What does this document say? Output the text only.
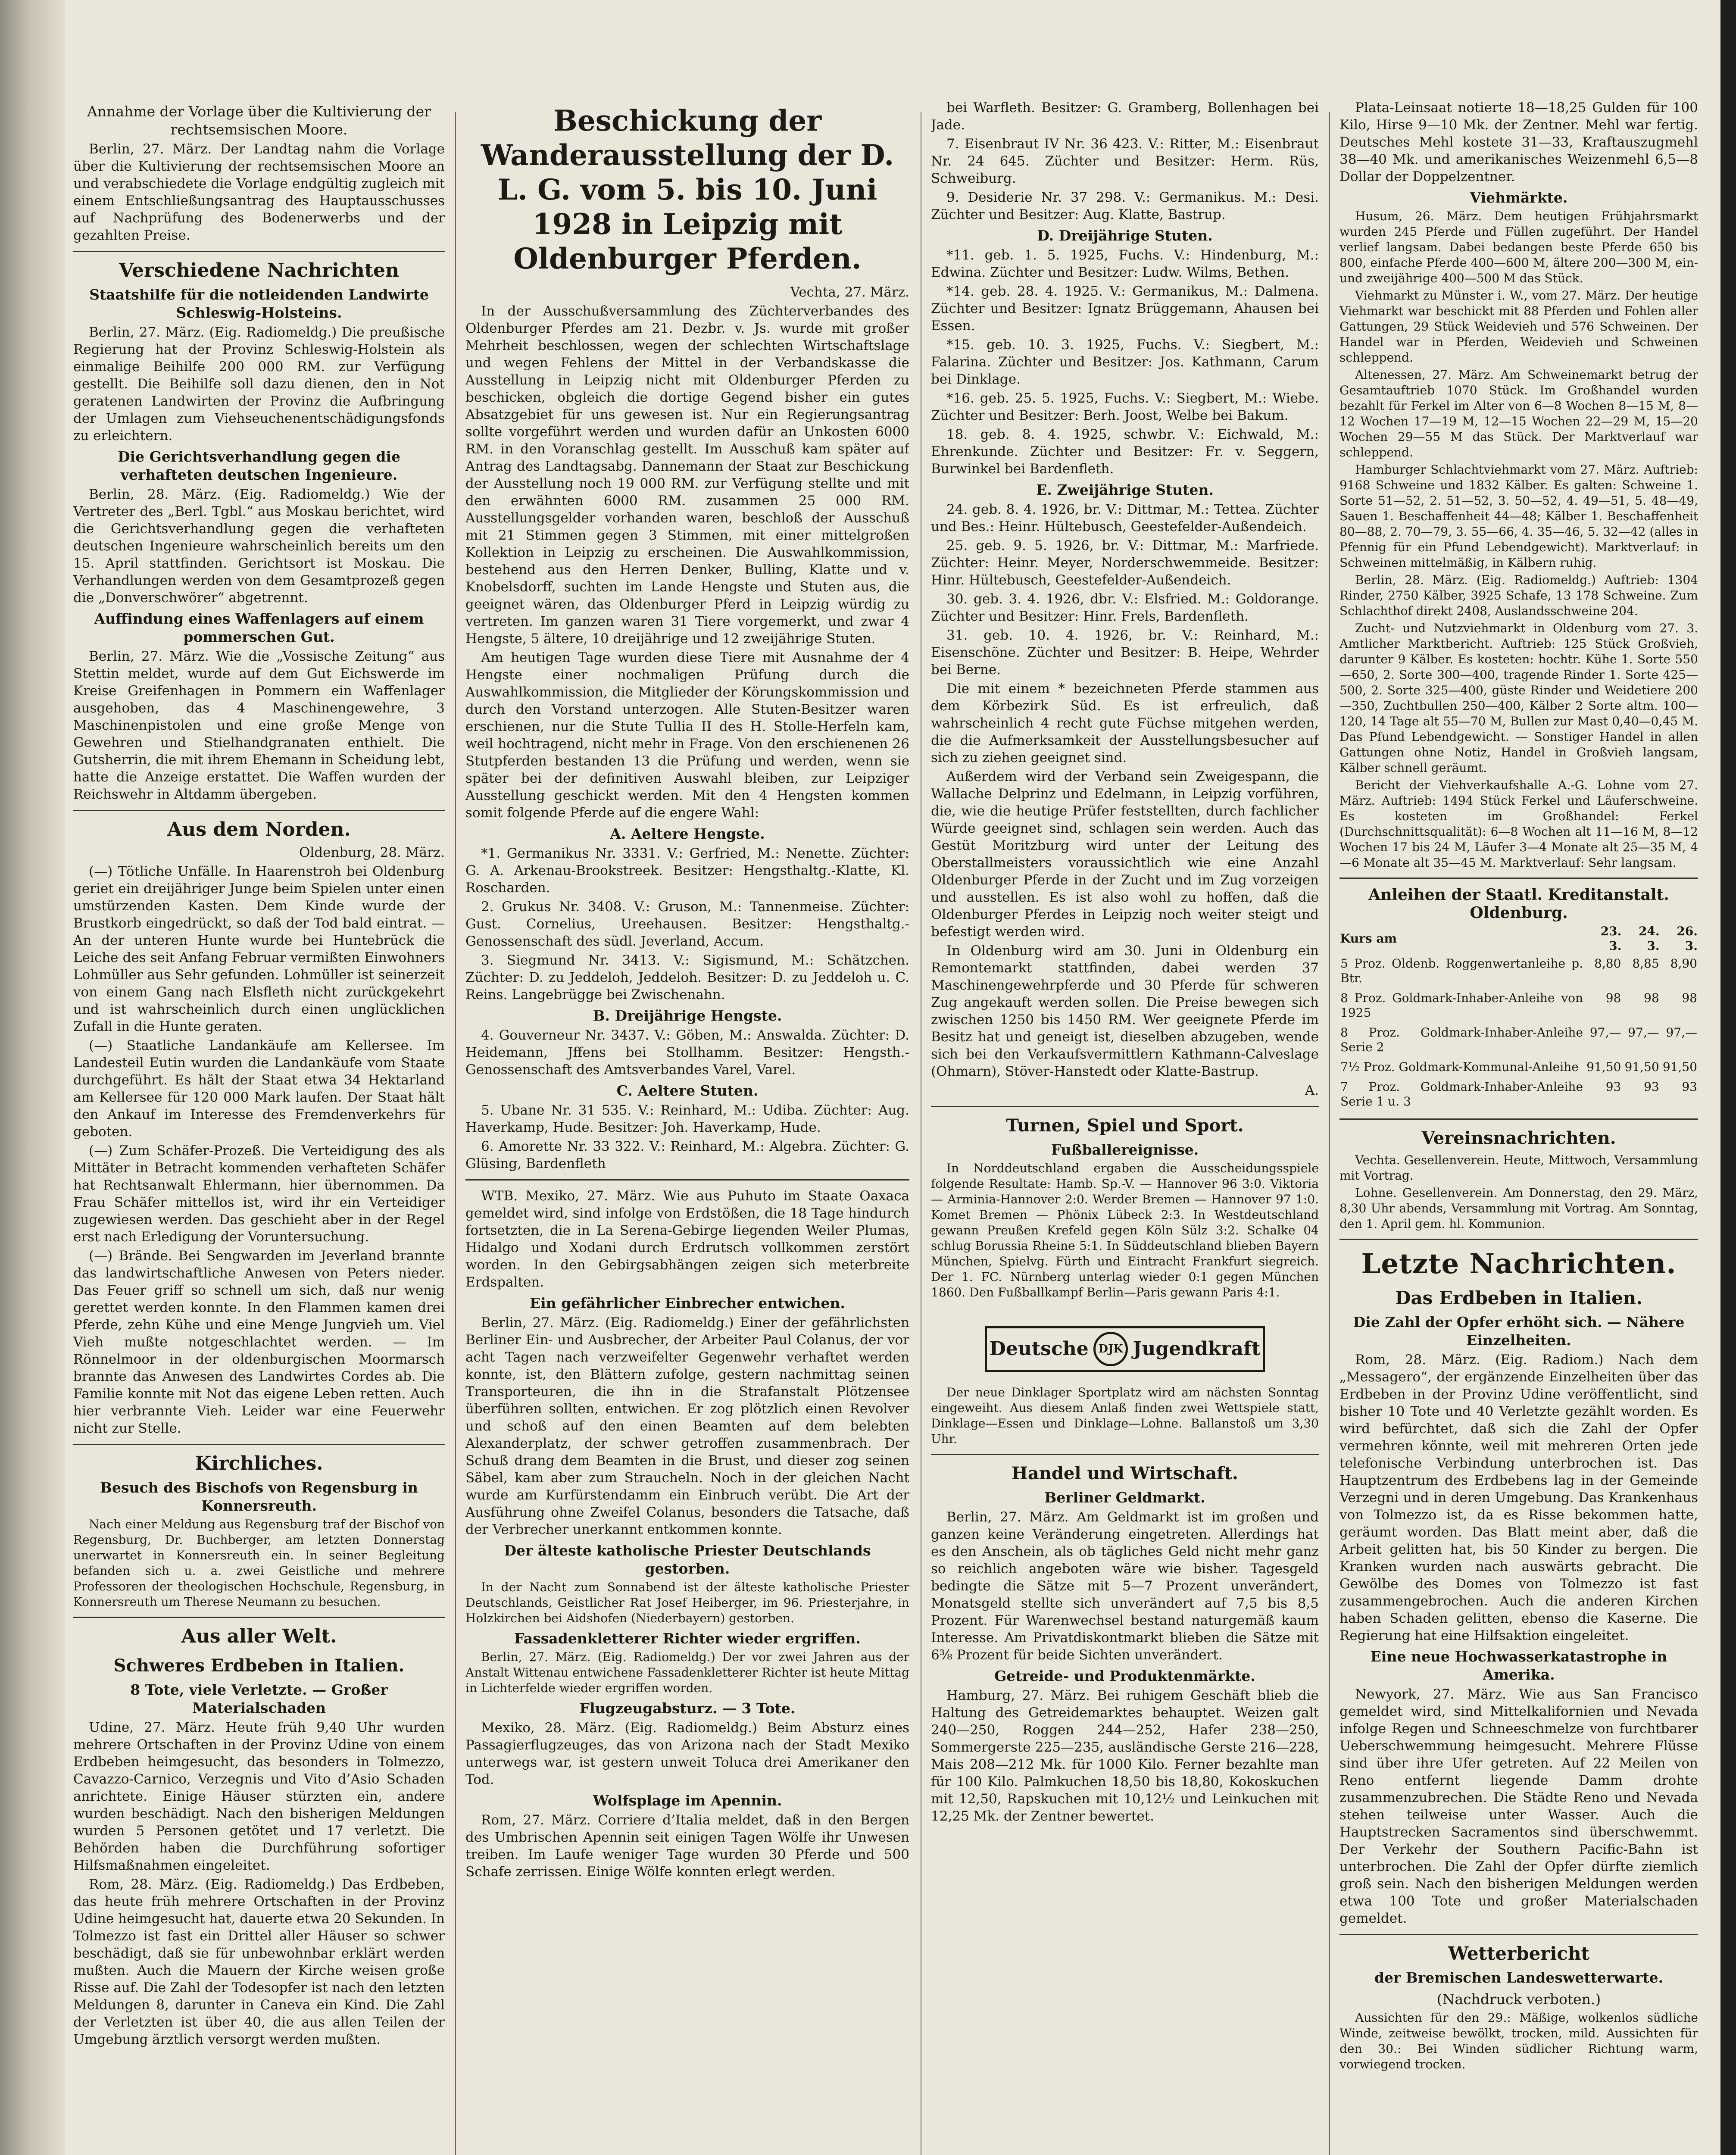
Annahme der Vorlage über die Kultivierung der rechtsemsischen Moore.

Berlin, 27. März. Der Landtag nahm die Vorlage über die Kultivierung der rechtsemsischen Moore an und verabschiedete die Vorlage endgültig zugleich mit einem Entschließungsantrag des Hauptausschusses auf Nachprüfung des Bodenerwerbs und der gezahlten Preise.

Verschiedene Nachrichten

Staatshilfe für die notleidenden Landwirte Schleswig-Holsteins.

Berlin, 27. März. (Eig. Radiomeldg.) Die preußische Regierung hat der Provinz Schleswig-Holstein als einmalige Beihilfe 200 000 RM. zur Verfügung gestellt. Die Beihilfe soll dazu dienen, den in Not geratenen Landwirten der Provinz die Aufbringung der Umlagen zum Viehseuchenentschädigungsfonds zu erleichtern.

Die Gerichtsverhandlung gegen die verhafteten deutschen Ingenieure.

Berlin, 28. März. (Eig. Radiomeldg.) Wie der Vertreter des „Berl. Tgbl.“ aus Moskau berichtet, wird die Gerichtsverhandlung gegen die verhafteten deutschen Ingenieure wahrscheinlich bereits um den 15. April stattfinden. Gerichtsort ist Moskau. Die Verhandlungen werden von dem Gesamtprozeß gegen die „Donverschwörer“ abgetrennt.

Auffindung eines Waffenlagers auf einem pommerschen Gut.

Berlin, 27. März. Wie die „Vossische Zeitung“ aus Stettin meldet, wurde auf dem Gut Eichswerde im Kreise Greifenhagen in Pommern ein Waffenlager ausgehoben, das 4 Maschinengewehre, 3 Maschinenpistolen und eine große Menge von Gewehren und Stielhandgranaten enthielt. Die Gutsherrin, die mit ihrem Ehemann in Scheidung lebt, hatte die Anzeige erstattet. Die Waffen wurden der Reichswehr in Altdamm übergeben.

Aus dem Norden.

Oldenburg, 28. März.

(—) Tötliche Unfälle. In Haarenstroh bei Oldenburg geriet ein dreijähriger Junge beim Spielen unter einen umstürzenden Kasten. Dem Kinde wurde der Brustkorb eingedrückt, so daß der Tod bald eintrat. — An der unteren Hunte wurde bei Huntebrück die Leiche des seit Anfang Februar vermißten Einwohners Lohmüller aus Sehr gefunden. Lohmüller ist seinerzeit von einem Gang nach Elsfleth nicht zurückgekehrt und ist wahrscheinlich durch einen unglücklichen Zufall in die Hunte geraten.

(—) Staatliche Landankäufe am Kellersee. Im Landesteil Eutin wurden die Landankäufe vom Staate durchgeführt. Es hält der Staat etwa 34 Hektarland am Kellersee für 120 000 Mark laufen. Der Staat hält den Ankauf im Interesse des Fremdenverkehrs für geboten.

(—) Zum Schäfer-Prozeß. Die Verteidigung des als Mittäter in Betracht kommenden verhafteten Schäfer hat Rechtsanwalt Ehlermann, hier übernommen. Da Frau Schäfer mittellos ist, wird ihr ein Verteidiger zugewiesen werden. Das geschieht aber in der Regel erst nach Erledigung der Voruntersuchung.

(—) Brände. Bei Sengwarden im Jeverland brannte das landwirtschaftliche Anwesen von Peters nieder. Das Feuer griff so schnell um sich, daß nur wenig gerettet werden konnte. In den Flammen kamen drei Pferde, zehn Kühe und eine Menge Jungvieh um. Viel Vieh mußte notgeschlachtet werden. — Im Rönnelmoor in der oldenburgischen Moormarsch brannte das Anwesen des Landwirtes Cordes ab. Die Familie konnte mit Not das eigene Leben retten. Auch hier verbrannte Vieh. Leider war eine Feuerwehr nicht zur Stelle.

Kirchliches.

Besuch des Bischofs von Regensburg in Konnersreuth.

Nach einer Meldung aus Regensburg traf der Bischof von Regensburg, Dr. Buchberger, am letzten Donnerstag unerwartet in Konnersreuth ein. In seiner Begleitung befanden sich u. a. zwei Geistliche und mehrere Professoren der theologischen Hochschule, Regensburg, in Konnersreuth um Therese Neumann zu besuchen.

Aus aller Welt.
Schweres Erdbeben in Italien.

8 Tote, viele Verletzte. — Großer Materialschaden

Udine, 27. März. Heute früh 9,40 Uhr wurden mehrere Ortschaften in der Provinz Udine von einem Erdbeben heimgesucht, das besonders in Tolmezzo, Cavazzo-Carnico, Verzegnis und Vito d’Asio Schaden anrichtete. Einige Häuser stürzten ein, andere wurden beschädigt. Nach den bisherigen Meldungen wurden 5 Personen getötet und 17 verletzt. Die Behörden haben die Durchführung sofortiger Hilfsmaßnahmen eingeleitet.

Rom, 28. März. (Eig. Radiomeldg.) Das Erdbeben, das heute früh mehrere Ortschaften in der Provinz Udine heimgesucht hat, dauerte etwa 20 Sekunden. In Tolmezzo ist fast ein Drittel aller Häuser so schwer beschädigt, daß sie für unbewohnbar erklärt werden mußten. Auch die Mauern der Kirche weisen große Risse auf. Die Zahl der Todesopfer ist nach den letzten Meldungen 8, darunter in Caneva ein Kind. Die Zahl der Verletzten ist über 40, die aus allen Teilen der Umgebung ärztlich versorgt werden mußten.

Beschickung der Wanderausstellung der D. L. G. vom 5. bis 10. Juni 1928 in Leipzig mit Oldenburger Pferden.

Vechta, 27. März.

In der Ausschußversammlung des Züchterverbandes des Oldenburger Pferdes am 21. Dezbr. v. Js. wurde mit großer Mehrheit beschlossen, wegen der schlechten Wirtschaftslage und wegen Fehlens der Mittel in der Verbandskasse die Ausstellung in Leipzig nicht mit Oldenburger Pferden zu beschicken, obgleich die dortige Gegend bisher ein gutes Absatzgebiet für uns gewesen ist. Nur ein Regierungsantrag sollte vorgeführt werden und wurden dafür an Unkosten 6000 RM. in den Voranschlag gestellt. Im Ausschuß kam später auf Antrag des Landtagsabg. Dannemann der Staat zur Beschickung der Ausstellung noch 19 000 RM. zur Verfügung stellte und mit den erwähnten 6000 RM. zusammen 25 000 RM. Ausstellungsgelder vorhanden waren, beschloß der Ausschuß mit 21 Stimmen gegen 3 Stimmen, mit einer mittelgroßen Kollektion in Leipzig zu erscheinen. Die Auswahlkommission, bestehend aus den Herren Denker, Bulling, Klatte und v. Knobelsdorff, suchten im Lande Hengste und Stuten aus, die geeignet wären, das Oldenburger Pferd in Leipzig würdig zu vertreten. Im ganzen waren 31 Tiere vorgemerkt, und zwar 4 Hengste, 5 ältere, 10 dreijährige und 12 zweijährige Stuten.

Am heutigen Tage wurden diese Tiere mit Ausnahme der 4 Hengste einer nochmaligen Prüfung durch die Auswahlkommission, die Mitglieder der Körungskommission und durch den Vorstand unterzogen. Alle Stuten-Besitzer waren erschienen, nur die Stute Tullia II des H. Stolle-Herfeln kam, weil hochtragend, nicht mehr in Frage. Von den erschienenen 26 Stutpferden bestanden 13 die Prüfung und werden, wenn sie später bei der definitiven Auswahl bleiben, zur Leipziger Ausstellung geschickt werden. Mit den 4 Hengsten kommen somit folgende Pferde auf die engere Wahl:

A. Aeltere Hengste.

*1. Germanikus Nr. 3331. V.: Gerfried, M.: Nenette. Züchter: G. A. Arkenau-Brookstreek. Besitzer: Hengsthaltg.-Klatte, Kl. Roscharden.

2. Grukus Nr. 3408. V.: Gruson, M.: Tannenmeise. Züchter: Gust. Cornelius, Ureehausen. Besitzer: Hengsthaltg.-Genossenschaft des südl. Jeverland, Accum.

3. Siegmund Nr. 3413. V.: Sigismund, M.: Schätzchen. Züchter: D. zu Jeddeloh, Jeddeloh. Besitzer: D. zu Jeddeloh u. C. Reins. Langebrügge bei Zwischenahn.

B. Dreijährige Hengste.

4. Gouverneur Nr. 3437. V.: Göben, M.: Answalda. Züchter: D. Heidemann, Jffens bei Stollhamm. Besitzer: Hengsth.-Genossenschaft des Amtsverbandes Varel, Varel.

C. Aeltere Stuten.

5. Ubane Nr. 31 535. V.: Reinhard, M.: Udiba. Züchter: Aug. Haverkamp, Hude. Besitzer: Joh. Haverkamp, Hude.

6. Amorette Nr. 33 322. V.: Reinhard, M.: Algebra. Züchter: G. Glüsing, Bardenfleth

WTB. Mexiko, 27. März. Wie aus Puhuto im Staate Oaxaca gemeldet wird, sind infolge von Erdstößen, die 18 Tage hindurch fortsetzten, die in La Serena-Gebirge liegenden Weiler Plumas, Hidalgo und Xodani durch Erdrutsch vollkommen zerstört worden. In den Gebirgsabhängen zeigen sich meterbreite Erdspalten.

Ein gefährlicher Einbrecher entwichen.

Berlin, 27. März. (Eig. Radiomeldg.) Einer der gefährlichsten Berliner Ein- und Ausbrecher, der Arbeiter Paul Colanus, der vor acht Tagen nach verzweifelter Gegenwehr verhaftet werden konnte, ist, den Blättern zufolge, gestern nachmittag seinen Transporteuren, die ihn in die Strafanstalt Plötzensee überführen sollten, entwichen. Er zog plötzlich einen Revolver und schoß auf den einen Beamten auf dem belebten Alexanderplatz, der schwer getroffen zusammenbrach. Der Schuß drang dem Beamten in die Brust, und dieser zog seinen Säbel, kam aber zum Straucheln. Noch in der gleichen Nacht wurde am Kurfürstendamm ein Einbruch verübt. Die Art der Ausführung ohne Zweifel Colanus, besonders die Tatsache, daß der Verbrecher unerkannt entkommen konnte.

Der älteste katholische Priester Deutschlands gestorben.

In der Nacht zum Sonnabend ist der älteste katholische Priester Deutschlands, Geistlicher Rat Josef Heiberger, im 96. Priesterjahre, in Holzkirchen bei Aidshofen (Niederbayern) gestorben.

Fassadenkletterer Richter wieder ergriffen.

Berlin, 27. März. (Eig. Radiomeldg.) Der vor zwei Jahren aus der Anstalt Wittenau entwichene Fassadenkletterer Richter ist heute Mittag in Lichterfelde wieder ergriffen worden.

Flugzeugabsturz. — 3 Tote.

Mexiko, 28. März. (Eig. Radiomeldg.) Beim Absturz eines Passagierflugzeuges, das von Arizona nach der Stadt Mexiko unterwegs war, ist gestern unweit Toluca drei Amerikaner den Tod.

Wolfsplage im Apennin.

Rom, 27. März. Corriere d’Italia meldet, daß in den Bergen des Umbrischen Apennin seit einigen Tagen Wölfe ihr Unwesen treiben. Im Laufe weniger Tage wurden 30 Pferde und 500 Schafe zerrissen. Einige Wölfe konnten erlegt werden.

bei Warfleth. Besitzer: G. Gramberg, Bollenhagen bei Jade.

7. Eisenbraut IV Nr. 36 423. V.: Ritter, M.: Eisenbraut Nr. 24 645. Züchter und Besitzer: Herm. Rüs, Schweiburg.

9. Desiderie Nr. 37 298. V.: Germanikus. M.: Desi. Züchter und Besitzer: Aug. Klatte, Bastrup.

D. Dreijährige Stuten.

*11. geb. 1. 5. 1925, Fuchs. V.: Hindenburg, M.: Edwina. Züchter und Besitzer: Ludw. Wilms, Bethen.

*14. geb. 28. 4. 1925. V.: Germanikus, M.: Dalmena. Züchter und Besitzer: Ignatz Brüggemann, Ahausen bei Essen.

*15. geb. 10. 3. 1925, Fuchs. V.: Siegbert, M.: Falarina. Züchter und Besitzer: Jos. Kathmann, Carum bei Dinklage.

*16. geb. 25. 5. 1925, Fuchs. V.: Siegbert, M.: Wiebe. Züchter und Besitzer: Berh. Joost, Welbe bei Bakum.

18. geb. 8. 4. 1925, schwbr. V.: Eichwald, M.: Ehrenkunde. Züchter und Besitzer: Fr. v. Seggern, Burwinkel bei Bardenfleth.

E. Zweijährige Stuten.

24. geb. 8. 4. 1926, br. V.: Dittmar, M.: Tettea. Züchter und Bes.: Heinr. Hültebusch, Geestefelder-Außendeich.

25. geb. 9. 5. 1926, br. V.: Dittmar, M.: Marfriede. Züchter: Heinr. Meyer, Norderschwemmeide. Besitzer: Hinr. Hültebusch, Geestefelder-Außendeich.

30. geb. 3. 4. 1926, dbr. V.: Elsfried. M.: Goldorange. Züchter und Besitzer: Hinr. Frels, Bardenfleth.

31. geb. 10. 4. 1926, br. V.: Reinhard, M.: Eisenschöne. Züchter und Besitzer: B. Heipe, Wehrder bei Berne.

Die mit einem * bezeichneten Pferde stammen aus dem Körbezirk Süd. Es ist erfreulich, daß wahrscheinlich 4 recht gute Füchse mitgehen werden, die die Aufmerksamkeit der Ausstellungsbesucher auf sich zu ziehen geeignet sind.

Außerdem wird der Verband sein Zweigespann, die Wallache Delprinz und Edelmann, in Leipzig vorführen, die, wie die heutige Prüfer feststellten, durch fachlicher Würde geeignet sind, schlagen sein werden. Auch das Gestüt Moritzburg wird unter der Leitung des Oberstallmeisters voraussichtlich wie eine Anzahl Oldenburger Pferde in der Zucht und im Zug vorzeigen und ausstellen. Es ist also wohl zu hoffen, daß die Oldenburger Pferdes in Leipzig noch weiter steigt und befestigt werden wird.

In Oldenburg wird am 30. Juni in Oldenburg ein Remontemarkt stattfinden, dabei werden 37 Maschinengewehrpferde und 30 Pferde für schweren Zug angekauft werden sollen. Die Preise bewegen sich zwischen 1250 bis 1450 RM. Wer geeignete Pferde im Besitz hat und geneigt ist, dieselben abzugeben, wende sich bei den Verkaufsvermittlern Kathmann-Calveslage (Ohmarn), Stöver-Hanstedt oder Klatte-Bastrup.

A.

Turnen, Spiel und Sport.

Fußballereignisse.

In Norddeutschland ergaben die Ausscheidungsspiele folgende Resultate: Hamb. Sp.-V. — Hannover 96 3:0. Viktoria — Arminia-Hannover 2:0. Werder Bremen — Hannover 97 1:0. Komet Bremen — Phönix Lübeck 2:3. In Westdeutschland gewann Preußen Krefeld gegen Köln Sülz 3:2. Schalke 04 schlug Borussia Rheine 5:1. In Süddeutschland blieben Bayern München, Spielvg. Fürth und Eintracht Frankfurt siegreich. Der 1. FC. Nürnberg unterlag wieder 0:1 gegen München 1860. Den Fußballkampf Berlin—Paris gewann Paris 4:1.

Deutsche DJK Jugendkraft

Der neue Dinklager Sportplatz wird am nächsten Sonntag eingeweiht. Aus diesem Anlaß finden zwei Wettspiele statt, Dinklage—Essen und Dinklage—Lohne. Ballanstoß um 3,30 Uhr.

Handel und Wirtschaft.

Berliner Geldmarkt.

Berlin, 27. März. Am Geldmarkt ist im großen und ganzen keine Veränderung eingetreten. Allerdings hat es den Anschein, als ob tägliches Geld nicht mehr ganz so reichlich angeboten wäre wie bisher. Tagesgeld bedingte die Sätze mit 5—7 Prozent unverändert, Monatsgeld stellte sich unverändert auf 7,5 bis 8,5 Prozent. Für Warenwechsel bestand naturgemäß kaum Interesse. Am Privatdiskontmarkt blieben die Sätze mit 6⅜ Prozent für beide Sichten unverändert.

Getreide- und Produktenmärkte.

Hamburg, 27. März. Bei ruhigem Geschäft blieb die Haltung des Getreidemarktes behauptet. Weizen galt 240—250, Roggen 244—252, Hafer 238—250, Sommergerste 225—235, ausländische Gerste 216—228, Mais 208—212 Mk. für 1000 Kilo. Ferner bezahlte man für 100 Kilo. Palmkuchen 18,50 bis 18,80, Kokoskuchen mit 12,50, Rapskuchen mit 10,12½ und Leinkuchen mit 12,25 Mk. der Zentner bewertet.

Plata-Leinsaat notierte 18—18,25 Gulden für 100 Kilo, Hirse 9—10 Mk. der Zentner. Mehl war fertig. Deutsches Mehl kostete 31—33, Kraftauszugmehl 38—40 Mk. und amerikanisches Weizenmehl 6,5—8 Dollar der Doppelzentner.

Viehmärkte.

Husum, 26. März. Dem heutigen Frühjahrsmarkt wurden 245 Pferde und Füllen zugeführt. Der Handel verlief langsam. Dabei bedangen beste Pferde 650 bis 800, einfache Pferde 400—600 M, ältere 200—300 M, ein- und zweijährige 400—500 M das Stück.

Viehmarkt zu Münster i. W., vom 27. März. Der heutige Viehmarkt war beschickt mit 88 Pferden und Fohlen aller Gattungen, 29 Stück Weidevieh und 576 Schweinen. Der Handel war in Pferden, Weidevieh und Schweinen schleppend.

Altenessen, 27. März. Am Schweinemarkt betrug der Gesamtauftrieb 1070 Stück. Im Großhandel wurden bezahlt für Ferkel im Alter von 6—8 Wochen 8—15 M, 8—12 Wochen 17—19 M, 12—15 Wochen 22—29 M, 15—20 Wochen 29—55 M das Stück. Der Marktverlauf war schleppend.

Hamburger Schlachtviehmarkt vom 27. März. Auftrieb: 9168 Schweine und 1832 Kälber. Es galten: Schweine 1. Sorte 51—52, 2. 51—52, 3. 50—52, 4. 49—51, 5. 48—49, Sauen 1. Beschaffenheit 44—48; Kälber 1. Beschaffenheit 80—88, 2. 70—79, 3. 55—66, 4. 35—46, 5. 32—42 (alles in Pfennig für ein Pfund Lebendgewicht). Marktverlauf: in Schweinen mittelmäßig, in Kälbern ruhig.

Berlin, 28. März. (Eig. Radiomeldg.) Auftrieb: 1304 Rinder, 2750 Kälber, 3925 Schafe, 13 178 Schweine. Zum Schlachthof direkt 2408, Auslandsschweine 204.

Zucht- und Nutzviehmarkt in Oldenburg vom 27. 3. Amtlicher Marktbericht. Auftrieb: 125 Stück Großvieh, darunter 9 Kälber. Es kosteten: hochtr. Kühe 1. Sorte 550—650, 2. Sorte 300—400, tragende Rinder 1. Sorte 425—500, 2. Sorte 325—400, güste Rinder und Weidetiere 200—350, Zuchtbullen 250—400, Kälber 2 Sorte altm. 100—120, 14 Tage alt 55—70 M, Bullen zur Mast 0,40—0,45 M. Das Pfund Lebendgewicht. — Sonstiger Handel in allen Gattungen ohne Notiz, Handel in Großvieh langsam, Kälber schnell geräumt.

Bericht der Viehverkaufshalle A.-G. Lohne vom 27. März. Auftrieb: 1494 Stück Ferkel und Läuferschweine. Es kosteten im Großhandel: Ferkel (Durchschnittsqualität): 6—8 Wochen alt 11—16 M, 8—12 Wochen 17 bis 24 M, Läufer 3—4 Monate alt 25—35 M, 4—6 Monate alt 35—45 M. Marktverlauf: Sehr langsam.

Anleihen der Staatl. Kreditanstalt. Oldenburg.

Kurs am	23. 3.	24. 3.	26. 3.
5 Proz. Oldenb. Roggenwertanleihe p. Btr.	8,80	8,85	8,90
8 Proz. Goldmark-Inhaber-Anleihe von 1925	98	98	98
8 Proz. Goldmark-Inhaber-Anleihe Serie 2	97,—	97,—	97,—
7½ Proz. Goldmark-Kommunal-Anleihe	91,50	91,50	91,50
7 Proz. Goldmark-Inhaber-Anleihe Serie 1 u. 3	93	93	93
Vereinsnachrichten.

Vechta. Gesellenverein. Heute, Mittwoch, Versammlung mit Vortrag.

Lohne. Gesellenverein. Am Donnerstag, den 29. März, 8,30 Uhr abends, Versammlung mit Vortrag. Am Sonntag, den 1. April gem. hl. Kommunion.

Letzte Nachrichten.
Das Erdbeben in Italien.

Die Zahl der Opfer erhöht sich. — Nähere Einzelheiten.

Rom, 28. März. (Eig. Radiom.) Nach dem „Messagero“, der ergänzende Einzelheiten über das Erdbeben in der Provinz Udine veröffentlicht, sind bisher 10 Tote und 40 Verletzte gezählt worden. Es wird befürchtet, daß sich die Zahl der Opfer vermehren könnte, weil mit mehreren Orten jede telefonische Verbindung unterbrochen ist. Das Hauptzentrum des Erdbebens lag in der Gemeinde Verzegni und in deren Umgebung. Das Krankenhaus von Tolmezzo ist, da es Risse bekommen hatte, geräumt worden. Das Blatt meint aber, daß die Arbeit gelitten hat, bis 50 Kinder zu bergen. Die Kranken wurden nach auswärts gebracht. Die Gewölbe des Domes von Tolmezzo ist fast zusammengebrochen. Auch die anderen Kirchen haben Schaden gelitten, ebenso die Kaserne. Die Regierung hat eine Hilfsaktion eingeleitet.

Eine neue Hochwasserkatastrophe in Amerika.

Newyork, 27. März. Wie aus San Francisco gemeldet wird, sind Mittelkalifornien und Nevada infolge Regen und Schneeschmelze von furchtbarer Ueberschwemmung heimgesucht. Mehrere Flüsse sind über ihre Ufer getreten. Auf 22 Meilen von Reno entfernt liegende Damm drohte zusammenzubrechen. Die Städte Reno und Nevada stehen teilweise unter Wasser. Auch die Hauptstrecken Sacramentos sind überschwemmt. Der Verkehr der Southern Pacific-Bahn ist unterbrochen. Die Zahl der Opfer dürfte ziemlich groß sein. Nach den bisherigen Meldungen werden etwa 100 Tote und großer Materialschaden gemeldet.

Wetterbericht

der Bremischen Landeswetterwarte.

(Nachdruck verboten.)

Aussichten für den 29.: Mäßige, wolkenlos südliche Winde, zeitweise bewölkt, trocken, mild. Aussichten für den 30.: Bei Winden südlicher Richtung warm, vorwiegend trocken.
